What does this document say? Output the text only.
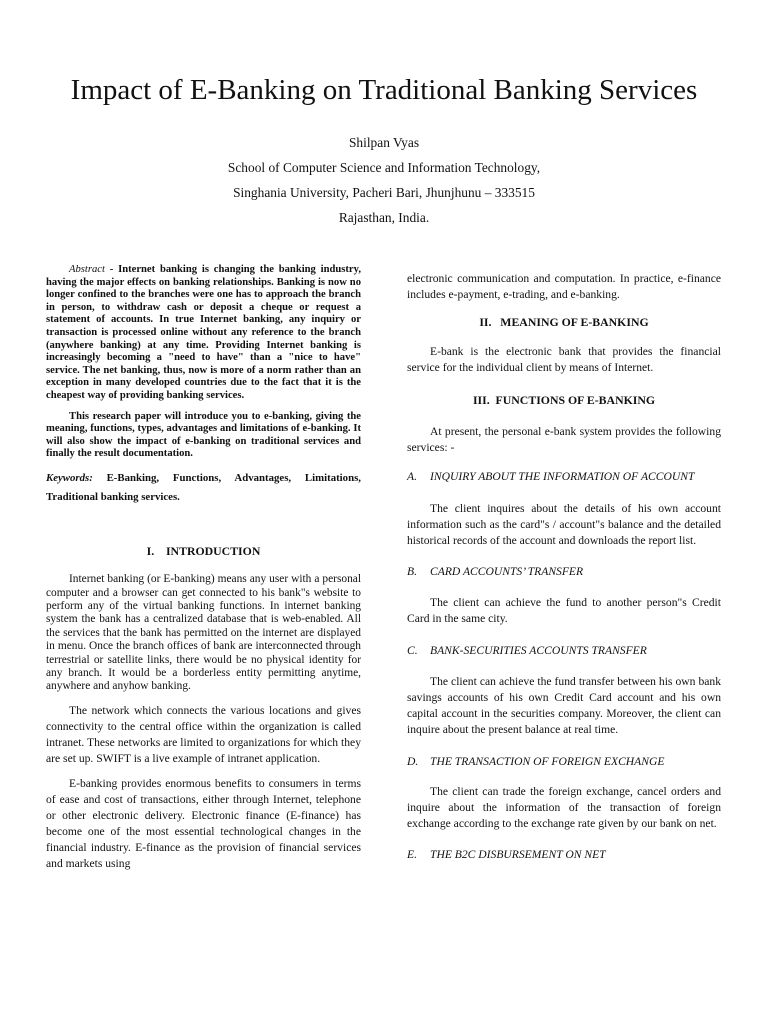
Impact of E-Banking on Traditional Banking Services
Shilpan Vyas
School of Computer Science and Information Technology,
Singhania University, Pacheri Bari, Jhunjhunu – 333515
Rajasthan, India.

Abstract - Internet banking is changing the banking industry, having the major effects on banking relationships. Banking is now no longer confined to the branches were one has to approach the branch in person, to withdraw cash or deposit a cheque or request a statement of accounts. In true Internet banking, any inquiry or transaction is processed online without any reference to the branch (anywhere banking) at any time. Providing Internet banking is increasingly becoming a "need to have" than a "nice to have" service. The net banking, thus, now is more of a norm rather than an exception in many developed countries due to the fact that it is the cheapest way of providing banking services.

This research paper will introduce you to e-banking, giving the meaning, functions, types, advantages and limitations of e-banking. It will also show the impact of e-banking on traditional services and finally the result documentation.

Keywords: E-Banking, Functions, Advantages, Limitations, Traditional banking services.

I.    INTRODUCTION

Internet banking (or E-banking) means any user with a personal computer and a browser can get connected to his bank"s website to perform any of the virtual banking functions. In internet banking system the bank has a centralized database that is web-enabled. All the services that the bank has permitted on the internet are displayed in menu. Once the branch offices of bank are interconnected through terrestrial or satellite links, there would be no physical identity for any branch. It would be a borderless entity permitting anytime, anywhere and anyhow banking.

The network which connects the various locations and gives connectivity to the central office within the organization is called intranet. These networks are limited to organizations for which they are set up. SWIFT is a live example of intranet application.

E-banking provides enormous benefits to consumers in terms of ease and cost of transactions, either through Internet, telephone or other electronic delivery. Electronic finance (E-finance) has become one of the most essential technological changes in the financial industry. E-finance as the provision of financial services and markets using

electronic communication and computation. In practice, e-finance includes e-payment, e-trading, and e-banking.

II.   MEANING OF E-BANKING

E-bank is the electronic bank that provides the financial service for the individual client by means of Internet.

III.  FUNCTIONS OF E-BANKING

At present, the personal e-bank system provides the following services: -

A.	INQUIRY ABOUT THE INFORMATION OF ACCOUNT

The client inquires about the details of his own account information such as the card"s / account"s balance and the detailed historical records of the account and downloads the report list.

B.	CARD ACCOUNTS’ TRANSFER

The client can achieve the fund to another person"s Credit Card in the same city.

C.	BANK-SECURITIES ACCOUNTS TRANSFER

The client can achieve the fund transfer between his own bank savings accounts of his own Credit Card account and his own capital account in the securities company. Moreover, the client can inquire about the present balance at real time.

D.	THE TRANSACTION OF FOREIGN EXCHANGE

The client can trade the foreign exchange, cancel orders and inquire about the information of the transaction of foreign exchange according to the exchange rate given by our bank on net.

E.	THE B2C DISBURSEMENT ON NET
